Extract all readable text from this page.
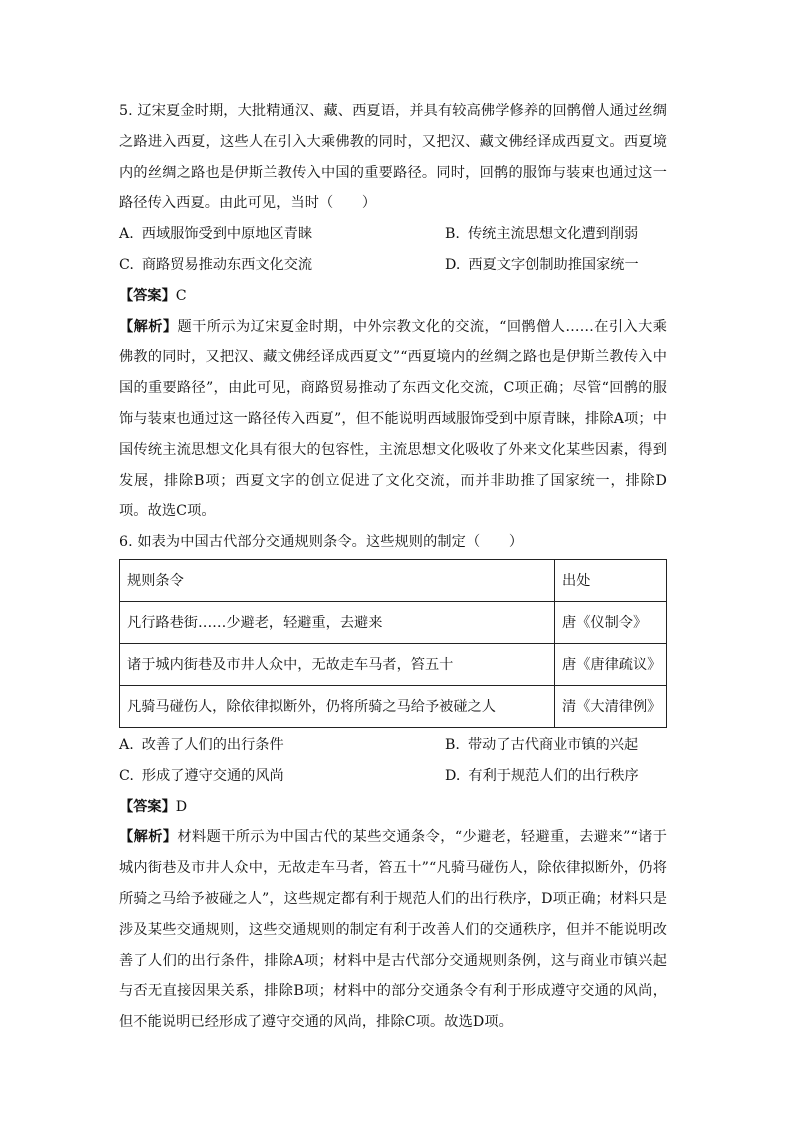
5. 辽宋夏金时期，大批精通汉、藏、西夏语，并具有较高佛学修养的回鹘僧人通过丝绸之路进入西夏，这些人在引入大乘佛教的同时，又把汉、藏文佛经译成西夏文。西夏境内的丝绸之路也是伊斯兰教传入中国的重要路径。同时，回鹘的服饰与装束也通过这一路径传入西夏。由此可见，当时（　　）

A. 西域服饰受到中原地区青睐	B. 传统主流思想文化遭到削弱
C. 商路贸易推动东西文化交流	D. 西夏文字创制助推国家统一
【答案】C

【解析】题干所示为辽宋夏金时期，中外宗教文化的交流，“回鹘僧人……在引入大乘佛教的同时，又把汉、藏文佛经译成西夏文”“西夏境内的丝绸之路也是伊斯兰教传入中国的重要路径”，由此可见，商路贸易推动了东西文化交流，C项正确；尽管“回鹘的服饰与装束也通过这一路径传入西夏”，但不能说明西域服饰受到中原青睐，排除A项；中国传统主流思想文化具有很大的包容性，主流思想文化吸收了外来文化某些因素，得到发展，排除B项；西夏文字的创立促进了文化交流，而并非助推了国家统一，排除D项。故选C项。

6. 如表为中国古代部分交通规则条令。这些规则的制定（　　）

规则条令	出处
凡行路巷街……少避老，轻避重，去避来	唐《仪制令》
诸于城内街巷及市井人众中，无故走车马者，笞五十	唐《唐律疏议》
凡骑马碰伤人，除依律拟断外，仍将所骑之马给予被碰之人	清《大清律例》
A. 改善了人们的出行条件	B. 带动了古代商业市镇的兴起
C. 形成了遵守交通的风尚	D. 有利于规范人们的出行秩序
【答案】D

【解析】材料题干所示为中国古代的某些交通条令，“少避老，轻避重，去避来”“诸于城内街巷及市井人众中，无故走车马者，笞五十”“凡骑马碰伤人，除依律拟断外，仍将所骑之马给予被碰之人”，这些规定都有利于规范人们的出行秩序，D项正确；材料只是涉及某些交通规则，这些交通规则的制定有利于改善人们的交通秩序，但并不能说明改善了人们的出行条件，排除A项；材料中是古代部分交通规则条例，这与商业市镇兴起与否无直接因果关系，排除B项；材料中的部分交通条令有利于形成遵守交通的风尚，但不能说明已经形成了遵守交通的风尚，排除C项。故选D项。
